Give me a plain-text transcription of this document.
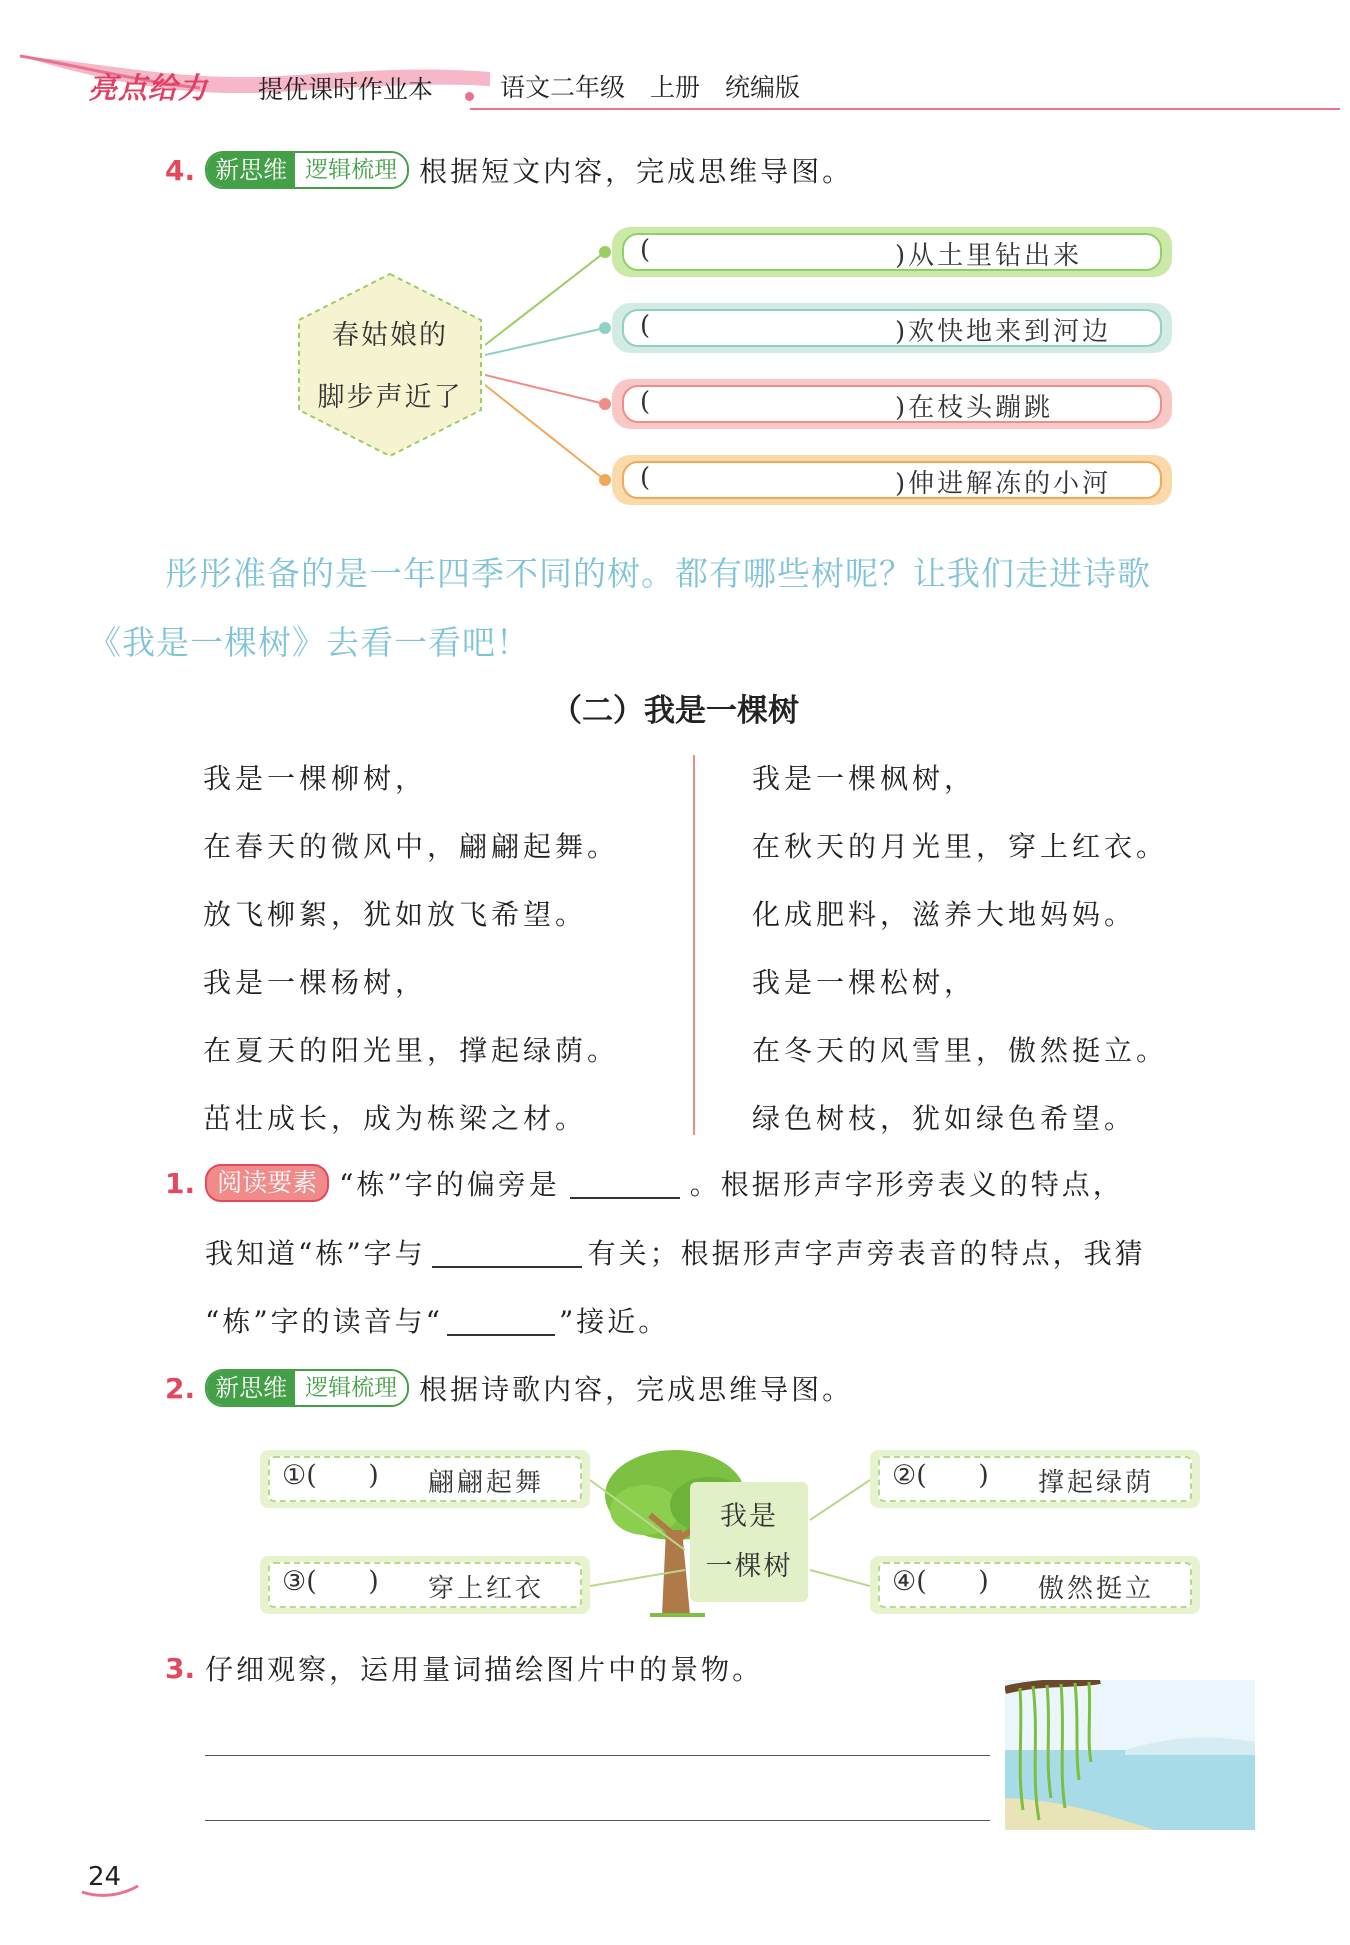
亮点给力 提优课时作业本	语文二年级　上册　统编版
4. 新思维 逻辑梳理 根据短文内容，完成思维导图。
春姑娘的
脚步声近了
(	)从土里钻出来
(	)欢快地来到河边
(	)在枝头蹦跳
(	)伸进解冻的小河
彤彤准备的是一年四季不同的树。都有哪些树呢？让我们走进诗歌
《我是一棵树》去看一看吧！
（二）我是一棵树
我是一棵柳树，
在春天的微风中，翩翩起舞。
放飞柳絮，犹如放飞希望。
我是一棵杨树，
在夏天的阳光里，撑起绿荫。
茁壮成长，成为栋梁之材。
我是一棵枫树，
在秋天的月光里，穿上红衣。
化成肥料，滋养大地妈妈。
我是一棵松树，
在冬天的风雪里，傲然挺立。
绿色树枝，犹如绿色希望。
1. 阅读要素 “栋”字的偏旁是	。根据形声字形旁表义的特点，
我知道“栋”字与	有关；根据形声字声旁表音的特点，我猜
“栋”字的读音与“	”接近。
2. 新思维 逻辑梳理 根据诗歌内容，完成思维导图。
我是
一棵树
①(      ) 翩翩起舞	②(      ) 撑起绿荫
③(      ) 穿上红衣	④(      ) 傲然挺立
3. 仔细观察，运用量词描绘图片中的景物。
24
